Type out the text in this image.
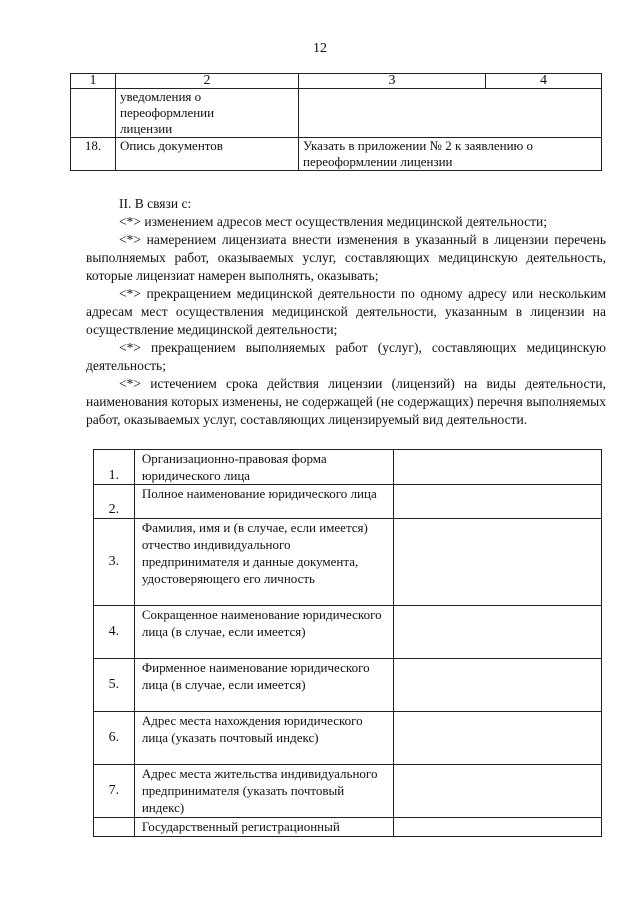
12
1	2	3	4
	уведомления о переоформлении лицензии		
18.	Опись документов	Указать в приложении № 2 к заявлению о переоформлении лицензии	

II. В связи с:

<*> изменением адресов мест осуществления медицинской деятельности;

<*> намерением лицензиата внести изменения в указанный в лицензии перечень выполняемых работ, оказываемых услуг, составляющих медицинскую деятельность, которые лицензиат намерен выполнять, оказывать;

<*> прекращением медицинской деятельности по одному адресу или нескольким адресам мест осуществления медицинской деятельности, указанным в лицензии на осуществление медицинской деятельности;

<*> прекращением выполняемых работ (услуг), составляющих медицинскую деятельность;

<*> истечением срока действия лицензии (лицензий) на виды деятельности, наименования которых изменены, не содержащей (не содержащих) перечня выполняемых работ, оказываемых услуг, составляющих лицензируемый вид деятельности.

1.	Организационно-правовая форма юридического лица	
2.	Полное наименование юридического лица	
3.	Фамилия, имя и (в случае, если имеется) отчество индивидуального предпринимателя и данные документа, удостоверяющего его личность	
4.	Сокращенное наименование юридического лица (в случае, если имеется)	
5.	Фирменное наименование юридического лица (в случае, если имеется)	
6.	Адрес места нахождения юридического лица (указать почтовый индекс)	
7.	Адрес места жительства индивидуального предпринимателя (указать почтовый индекс)	
	Государственный регистрационный	
